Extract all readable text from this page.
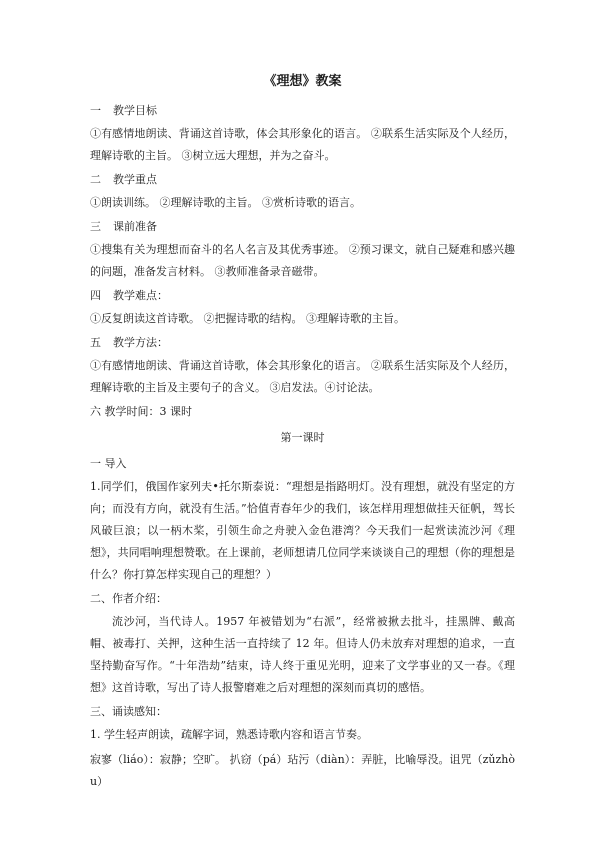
《理想》教案
一 教学目标

①有感情地朗读、背诵这首诗歌，体会其形象化的语言。 ②联系生活实际及个人经历，理解诗歌的主旨。 ③树立远大理想，并为之奋斗。

二 教学重点

①朗读训练。 ②理解诗歌的主旨。 ③赏析诗歌的语言。

三 课前准备

①搜集有关为理想而奋斗的名人名言及其优秀事迹。 ②预习课文，就自己疑难和感兴趣的问题，准备发言材料。 ③教师准备录音磁带。

四 教学难点：

①反复朗读这首诗歌。 ②把握诗歌的结构。 ③理解诗歌的主旨。

五 教学方法：

①有感情地朗读、背诵这首诗歌，体会其形象化的语言。 ②联系生活实际及个人经历，理解诗歌的主旨及主要句子的含义。 ③启发法。④讨论法。

六 教学时间：3 课时
第一课时
一 导入

1.同学们，俄国作家列夫•托尔斯泰说：“理想是指路明灯。没有理想，就没有坚定的方向；而没有方向，就没有生活。”恰值青春年少的我们，该怎样用理想做挂天征帆，驾长风破巨浪；以一柄木桨，引领生命之舟驶入金色港湾？今天我们一起赏读流沙河《理想》，共同唱响理想赞歌。在上课前，老师想请几位同学来谈谈自己的理想（你的理想是什么？你打算怎样实现自己的理想？）

二、作者介绍：

流沙河，当代诗人。1957 年被错划为“右派”，经常被揪去批斗，挂黑牌、戴高帽、被毒打、关押，这种生活一直持续了 12 年。但诗人仍未放弃对理想的追求，一直坚持勤奋写作。“十年浩劫”结束，诗人终于重见光明，迎来了文学事业的又一春。《理想》这首诗歌，写出了诗人报警磨难之后对理想的深刻而真切的感悟。

三、诵读感知：

1. 学生轻声朗读，疏解字词，熟悉诗歌内容和语言节奏。

寂寥（liáo）：寂静；空旷。 扒窃（pá）玷污（diàn）：弄脏，比喻辱没。诅咒（zǔzhòu）
